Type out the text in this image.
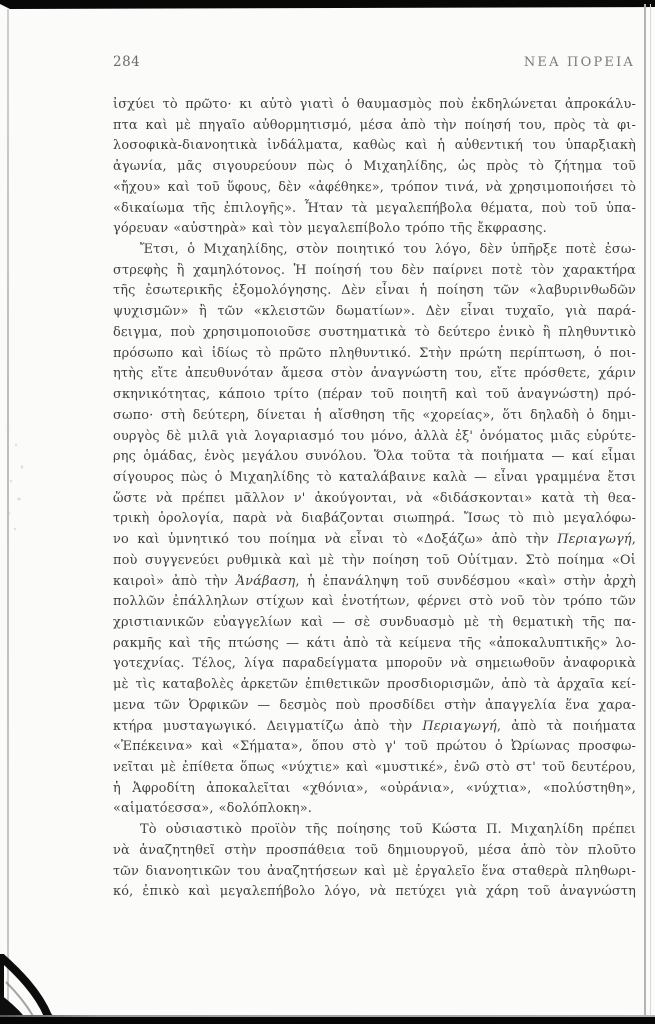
284	ΝΕΑ ΠΟΡΕΙΑ
ἰσχύει τὸ πρῶτο· κι αὐτὸ γιατὶ ὁ θαυμασμὸς ποὺ ἐκδηλώνεται ἀπροκάλυ-
πτα καὶ μὲ πηγαῖο αὐθορμητισμό, μέσα ἀπὸ τὴν ποίησή του, πρὸς τὰ φι-
λοσοφικὰ-διανοητικὰ ἰνδάλματα, καθὼς καὶ ἡ αὐθεντική του ὑπαρξιακὴ
ἀγωνία, μᾶς σιγουρεύουν πὼς ὁ Μιχαηλίδης, ὡς πρὸς τὸ ζήτημα τοῦ
«ἤχου» καὶ τοῦ ὕφους, δὲν «ἀφέθηκε», τρόπον τινά, νὰ χρησιμοποιήσει τὸ
«δικαίωμα τῆς ἐπιλογῆς». Ἦταν τὰ μεγαλεπήβολα θέματα, ποὺ τοῦ ὑπα-
γόρευαν «αὐστηρὰ» καὶ τὸν μεγαλεπίβολο τρόπο τῆς ἔκφρασης.
Ἔτσι, ὁ Μιχαηλίδης, στὸν ποιητικό του λόγο, δὲν ὑπῆρξε ποτὲ ἐσω-
στρεφὴς ἢ χαμηλότονος. Ἡ ποίησή του δὲν παίρνει ποτὲ τὸν χαρακτήρα
τῆς ἐσωτερικῆς ἐξομολόγησης. Δὲν εἶναι ἡ ποίηση τῶν «λαβυρινθωδῶν
ψυχισμῶν» ἢ τῶν «κλειστῶν δωματίων». Δὲν εἶναι τυχαῖο, γιὰ παρά-
δειγμα, ποὺ χρησιμοποιοῦσε συστηματικὰ τὸ δεύτερο ἑνικὸ ἢ πληθυντικὸ
πρόσωπο καὶ ἰδίως τὸ πρῶτο πληθυντικό. Στὴν πρώτη περίπτωση, ὁ ποι-
ητὴς εἴτε ἀπευθυνόταν ἄμεσα στὸν ἀναγνώστη του, εἴτε πρόσθετε, χάριν
σκηνικότητας, κάποιο τρίτο (πέραν τοῦ ποιητῆ καὶ τοῦ ἀναγνώστη) πρό-
σωπο· στὴ δεύτερη, δίνεται ἡ αἴσθηση τῆς «χορείας», ὅτι δηλαδὴ ὁ δημι-
ουργὸς δὲ μιλᾶ γιὰ λογαριασμό του μόνο, ἀλλὰ ἐξ' ὀνόματος μιᾶς εὐρύτε-
ρης ὁμάδας, ἑνὸς μεγάλου συνόλου. Ὅλα τοῦτα τὰ ποιήματα — καί εἶμαι
σίγουρος πὼς ὁ Μιχαηλίδης τὸ καταλάβαινε καλὰ — εἶναι γραμμένα ἔτσι
ὥστε νὰ πρέπει μᾶλλον ν' ἀκούγονται, νὰ «διδάσκονται» κατὰ τὴ θεα-
τρικὴ ὁρολογία, παρὰ νὰ διαβάζονται σιωπηρά. Ἴσως τὸ πιὸ μεγαλόφω-
νο καὶ ὑμνητικό του ποίημα νὰ εἶναι τὸ «Δοξάζω» ἀπὸ τὴν Περιαγωγή,
ποὺ συγγενεύει ρυθμικὰ καὶ μὲ τὴν ποίηση τοῦ Οὐίτμαν. Στὸ ποίημα «Οἱ
καιροὶ» ἀπὸ τὴν Ἀνάβαση, ἡ ἐπανάληψη τοῦ συνδέσμου «καὶ» στὴν ἀρχὴ
πολλῶν ἐπάλληλων στίχων καὶ ἑνοτήτων, φέρνει στὸ νοῦ τὸν τρόπο τῶν
χριστιανικῶν εὐαγγελίων καὶ — σὲ συνδυασμὸ μὲ τὴ θεματικὴ τῆς πα-
ρακμῆς καὶ τῆς πτώσης — κάτι ἀπὸ τὰ κείμενα τῆς «ἀποκαλυπτικῆς» λο-
γοτεχνίας. Τέλος, λίγα παραδείγματα μποροῦν νὰ σημειωθοῦν ἀναφορικὰ
μὲ τὶς καταβολὲς ἀρκετῶν ἐπιθετικῶν προσδιορισμῶν, ἀπὸ τὰ ἀρχαῖα κεί-
μενα τῶν Ὀρφικῶν — δεσμὸς ποὺ προσδίδει στὴν ἀπαγγελία ἕνα χαρα-
κτήρα μυσταγωγικό. Δειγματίζω ἀπὸ τὴν Περιαγωγή, ἀπὸ τὰ ποιήματα
«Ἐπέκεινα» καὶ «Σήματα», ὅπου στὸ γ' τοῦ πρώτου ὁ Ὠρίωνας προσφω-
νεῖται μὲ ἐπίθετα ὅπως «νύχτιε» καὶ «μυστικέ», ἐνῶ στὸ στ' τοῦ δευτέρου,
ἡ Ἀφροδίτη ἀποκαλεῖται «χθόνια», «οὐράνια», «νύχτια», «πολύστηθη»,
«αἱματόεσσα», «δολόπλοκη».
Τὸ οὐσιαστικὸ προϊὸν τῆς ποίησης τοῦ Κώστα Π. Μιχαηλίδη πρέπει
νὰ ἀναζητηθεῖ στὴν προσπάθεια τοῦ δημιουργοῦ, μέσα ἀπὸ τὸν πλοῦτο
τῶν διανοητικῶν του ἀναζητήσεων καὶ μὲ ἐργαλεῖο ἕνα σταθερὰ πληθωρι-
κό, ἐπικὸ καὶ μεγαλεπήβολο λόγο, νὰ πετύχει γιὰ χάρη τοῦ ἀναγνώστη
